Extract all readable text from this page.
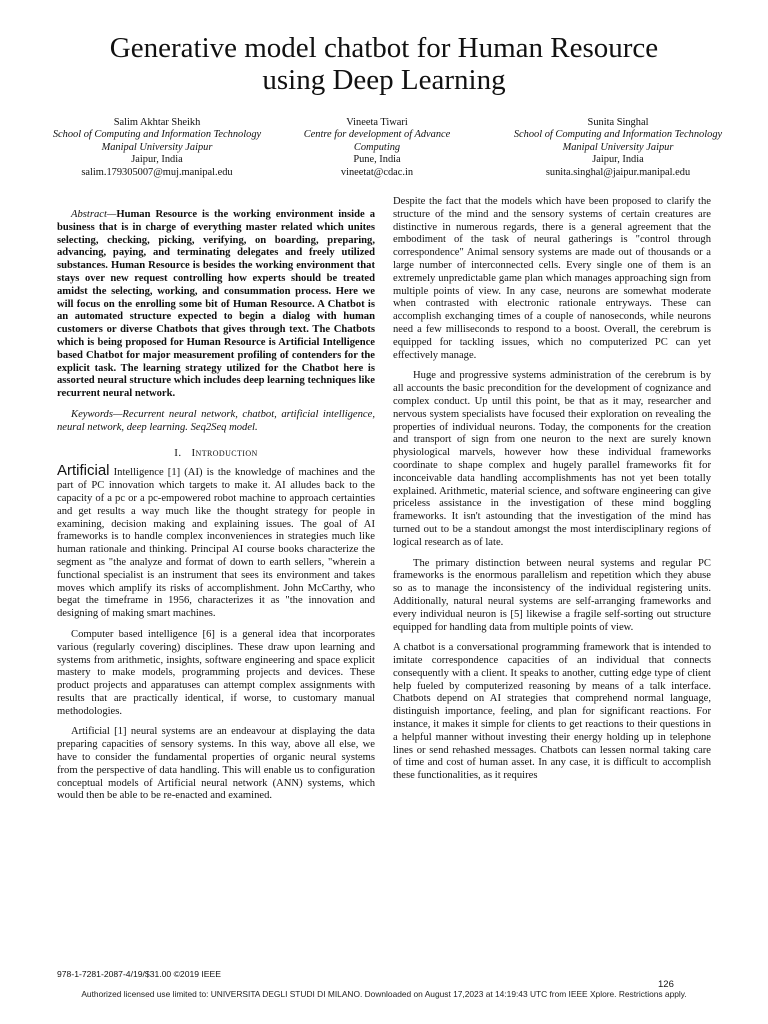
Generative model chatbot for Human Resource
using Deep Learning
Salim Akhtar Sheikh
School of Computing and Information Technology
Manipal University Jaipur
Jaipur, India
salim.179305007@muj.manipal.edu
Vineeta Tiwari
Centre for development of Advance Computing
Pune, India
vineetat@cdac.in
Sunita Singhal
School of Computing and Information Technology
Manipal University Jaipur
Jaipur, India
sunita.singhal@jaipur.manipal.edu

Abstract—Human Resource is the working environment inside a business that is in charge of everything master related which unites selecting, checking, picking, verifying, on boarding, preparing, advancing, paying, and terminating delegates and freely utilized substances. Human Resource is besides the working environment that stays over new request controlling how experts should be treated amidst the selecting, working, and consummation process. Here we will focus on the enrolling some bit of Human Resource. A Chatbot is an automated structure expected to begin a dialog with human customers or diverse Chatbots that gives through text. The Chatbots which is being proposed for Human Resource is Artificial Intelligence based Chatbot for major measurement profiling of contenders for the explicit task. The learning strategy utilized for the Chatbot here is assorted neural structure which includes deep learning techniques like recurrent neural network.

Keywords—Recurrent neural network, chatbot, artificial intelligence, neural network, deep learning. Seq2Seq model.

I. Introduction

Artificial Intelligence [1] (AI) is the knowledge of machines and the part of PC innovation which targets to make it. AI alludes back to the capacity of a pc or a pc-empowered robot machine to approach certainties and get results a way much like the thought strategy for people in examining, decision making and explaining issues. The goal of AI frameworks is to handle complex inconveniences in strategies much like human rationale and thinking. Principal AI course books characterize the segment as "the analyze and format of down to earth sellers, "wherein a functional specialist is an instrument that sees its environment and takes moves which amplify its risks of accomplishment. John McCarthy, who begat the timeframe in 1956, characterizes it as "the innovation and designing of making smart machines.

Computer based intelligence [6] is a general idea that incorporates various (regularly covering) disciplines. These draw upon learning and systems from arithmetic, insights, software engineering and space explicit mastery to make models, programming projects and devices. These product projects and apparatuses can attempt complex assignments with results that are practically identical, if worse, to customary manual methodologies.

Artificial [1] neural systems are an endeavour at displaying the data preparing capacities of sensory systems. In this way, above all else, we have to consider the fundamental properties of organic neural systems from the perspective of data handling. This will enable us to configuration conceptual models of Artificial neural network (ANN) systems, which would then be able to be re-enacted and examined.

Despite the fact that the models which have been proposed to clarify the structure of the mind and the sensory systems of certain creatures are distinctive in numerous regards, there is a general agreement that the embodiment of the task of neural gatherings is "control through correspondence" Animal sensory systems are made out of thousands or a large number of interconnected cells. Every single one of them is an extremely unpredictable game plan which manages approaching sign from multiple points of view. In any case, neurons are somewhat moderate when contrasted with electronic rationale entryways. These can accomplish exchanging times of a couple of nanoseconds, while neurons need a few milliseconds to respond to a boost. Overall, the cerebrum is equipped for tackling issues, which no computerized PC can yet effectively manage.

Huge and progressive systems administration of the cerebrum is by all accounts the basic precondition for the development of cognizance and complex conduct. Up until this point, be that as it may, researcher and nervous system specialists have focused their exploration on revealing the properties of individual neurons. Today, the components for the creation and transport of sign from one neuron to the next are surely known physiological marvels, however how these individual frameworks coordinate to shape complex and hugely parallel frameworks fit for inconceivable data handling accomplishments has not yet been totally explained. Arithmetic, material science, and software engineering can give priceless assistance in the investigation of these mind boggling frameworks. It isn't astounding that the investigation of the mind has turned out to be a standout amongst the most interdisciplinary regions of logical research as of late.

The primary distinction between neural systems and regular PC frameworks is the enormous parallelism and repetition which they abuse so as to manage the inconsistency of the individual registering units. Additionally, natural neural systems are self-arranging frameworks and every individual neuron is [5] likewise a fragile self-sorting out structure equipped for handling data from multiple points of view.

A chatbot is a conversational programming framework that is intended to imitate correspondence capacities of an individual that connects consequently with a client. It speaks to another, cutting edge type of client help fueled by computerized reasoning by means of a talk interface. Chatbots depend on AI strategies that comprehend normal language, distinguish importance, feeling, and plan for significant reactions. For instance, it makes it simple for clients to get reactions to their questions in a helpful manner without investing their energy holding up in telephone lines or send rehashed messages. Chatbots can lessen normal taking care of time and cost of human asset. In any case, it is difficult to accomplish these functionalities, as it requires

978-1-7281-2087-4/19/$31.00 ©2019 IEEE
126
Authorized licensed use limited to: UNIVERSITA DEGLI STUDI DI MILANO. Downloaded on August 17,2023 at 14:19:43 UTC from IEEE Xplore. Restrictions apply.
